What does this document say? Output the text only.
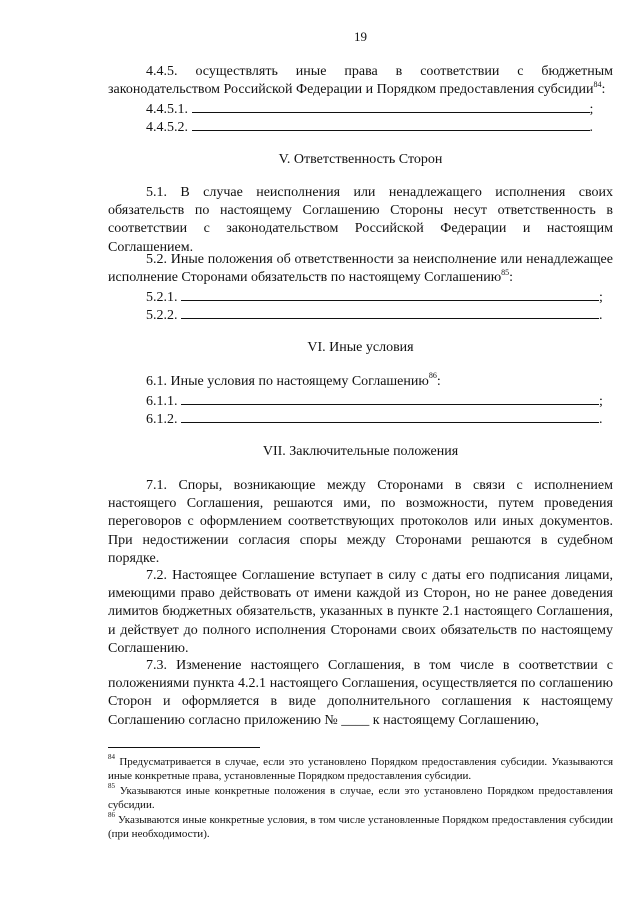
19
4.4.5. осуществлять иные права в соответствии с бюджетным законодательством Российской Федерации и Порядком предоставления субсидии$^{84}$:
4.4.5.1.	;
4.4.5.2.	.
V. Ответственность Сторон
5.1. В случае неисполнения или ненадлежащего исполнения своих обязательств по настоящему Соглашению Стороны несут ответственность в соответствии с законодательством Российской Федерации и настоящим Соглашением.
5.2. Иные положения об ответственности за неисполнение или ненадлежащее исполнение Сторонами обязательств по настоящему Соглашению$^{85}$:
5.2.1.	;
5.2.2.	.
VI. Иные условия
6.1. Иные условия по настоящему Соглашению$^{86}$:
6.1.1.	;
6.1.2.	.
VII. Заключительные положения
7.1. Споры, возникающие между Сторонами в связи с исполнением настоящего Соглашения, решаются ими, по возможности, путем проведения переговоров с оформлением соответствующих протоколов или иных документов. При недостижении согласия споры между Сторонами решаются в судебном порядке.
7.2. Настоящее Соглашение вступает в силу с даты его подписания лицами, имеющими право действовать от имени каждой из Сторон, но не ранее доведения лимитов бюджетных обязательств, указанных в пункте 2.1 настоящего Соглашения, и действует до полного исполнения Сторонами своих обязательств по настоящему Соглашению.
7.3. Изменение настоящего Соглашения, в том числе в соответствии с положениями пункта 4.2.1 настоящего Соглашения, осуществляется по соглашению Сторон и оформляется в виде дополнительного соглашения к настоящему Соглашению согласно приложению № ____ к настоящему Соглашению,
$^{84}$ Предусматривается в случае, если это установлено Порядком предоставления субсидии. Указываются иные конкретные права, установленные Порядком предоставления субсидии.
$^{85}$ Указываются иные конкретные положения в случае, если это установлено Порядком предоставления субсидии.
$^{86}$ Указываются иные конкретные условия, в том числе установленные Порядком предоставления субсидии (при необходимости).
